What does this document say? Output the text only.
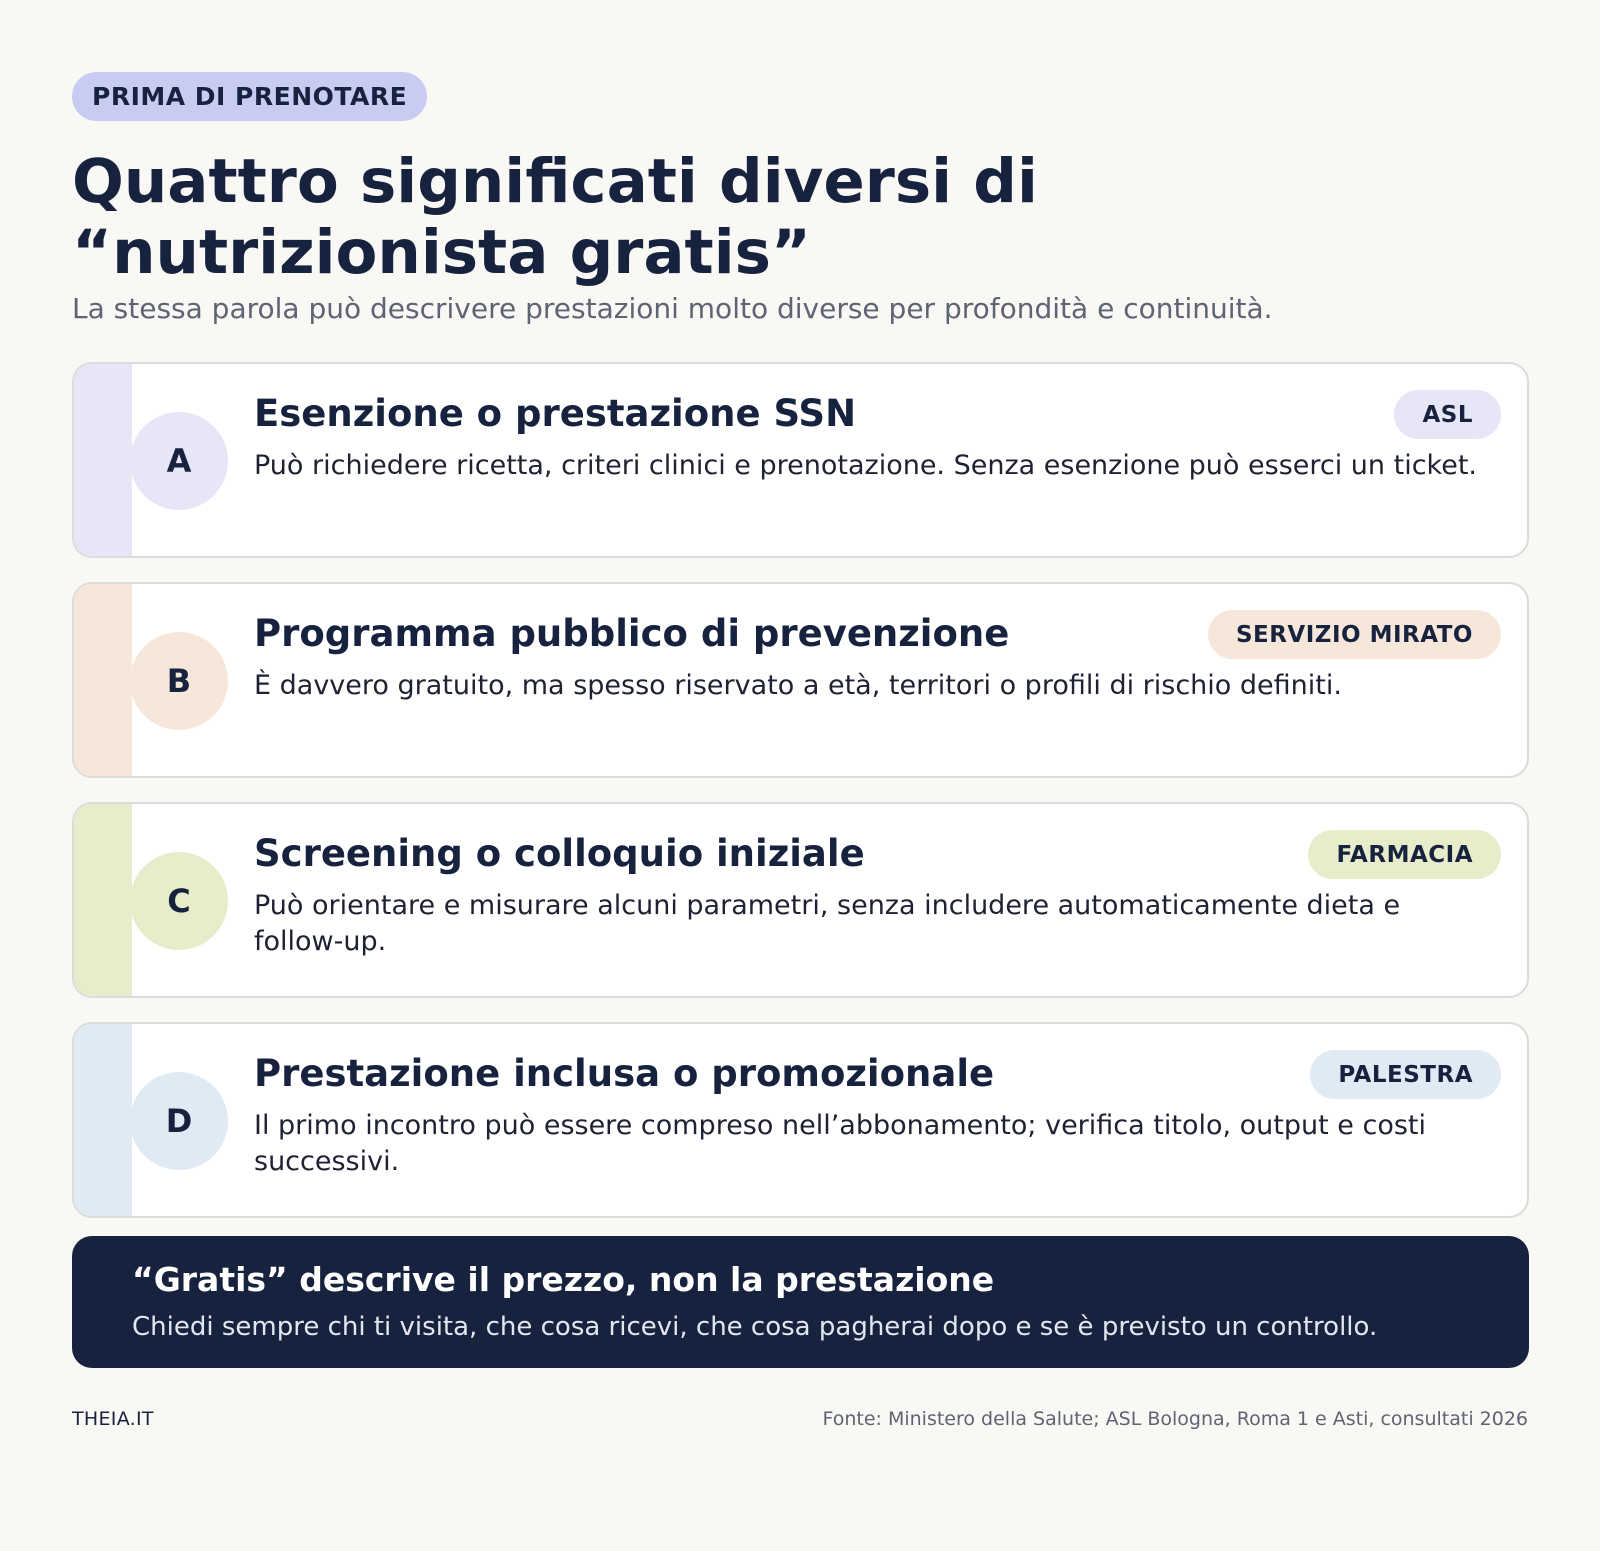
PRIMA DI PRENOTARE
Quattro significati diversi di “nutrizionista gratis”

La stessa parola può descrivere prestazioni molto diverse per profondità e continuità.

A
Esenzione o prestazione SSN	ASL
Può richiedere ricetta, criteri clinici e prenotazione. Senza esenzione può esserci un ticket.
B
Programma pubblico di prevenzione	SERVIZIO MIRATO
È davvero gratuito, ma spesso riservato a età, territori o profili di rischio definiti.
C
Screening o colloquio iniziale	FARMACIA
Può orientare e misurare alcuni parametri, senza includere automaticamente dieta e follow-up.
D
Prestazione inclusa o promozionale	PALESTRA
Il primo incontro può essere compreso nell’abbonamento; verifica titolo, output e costi successivi.
“Gratis” descrive il prezzo, non la prestazione
Chiedi sempre chi ti visita, che cosa ricevi, che cosa pagherai dopo e se è previsto un controllo.
THEIA.IT	Fonte: Ministero della Salute; ASL Bologna, Roma 1 e Asti, consultati 2026
